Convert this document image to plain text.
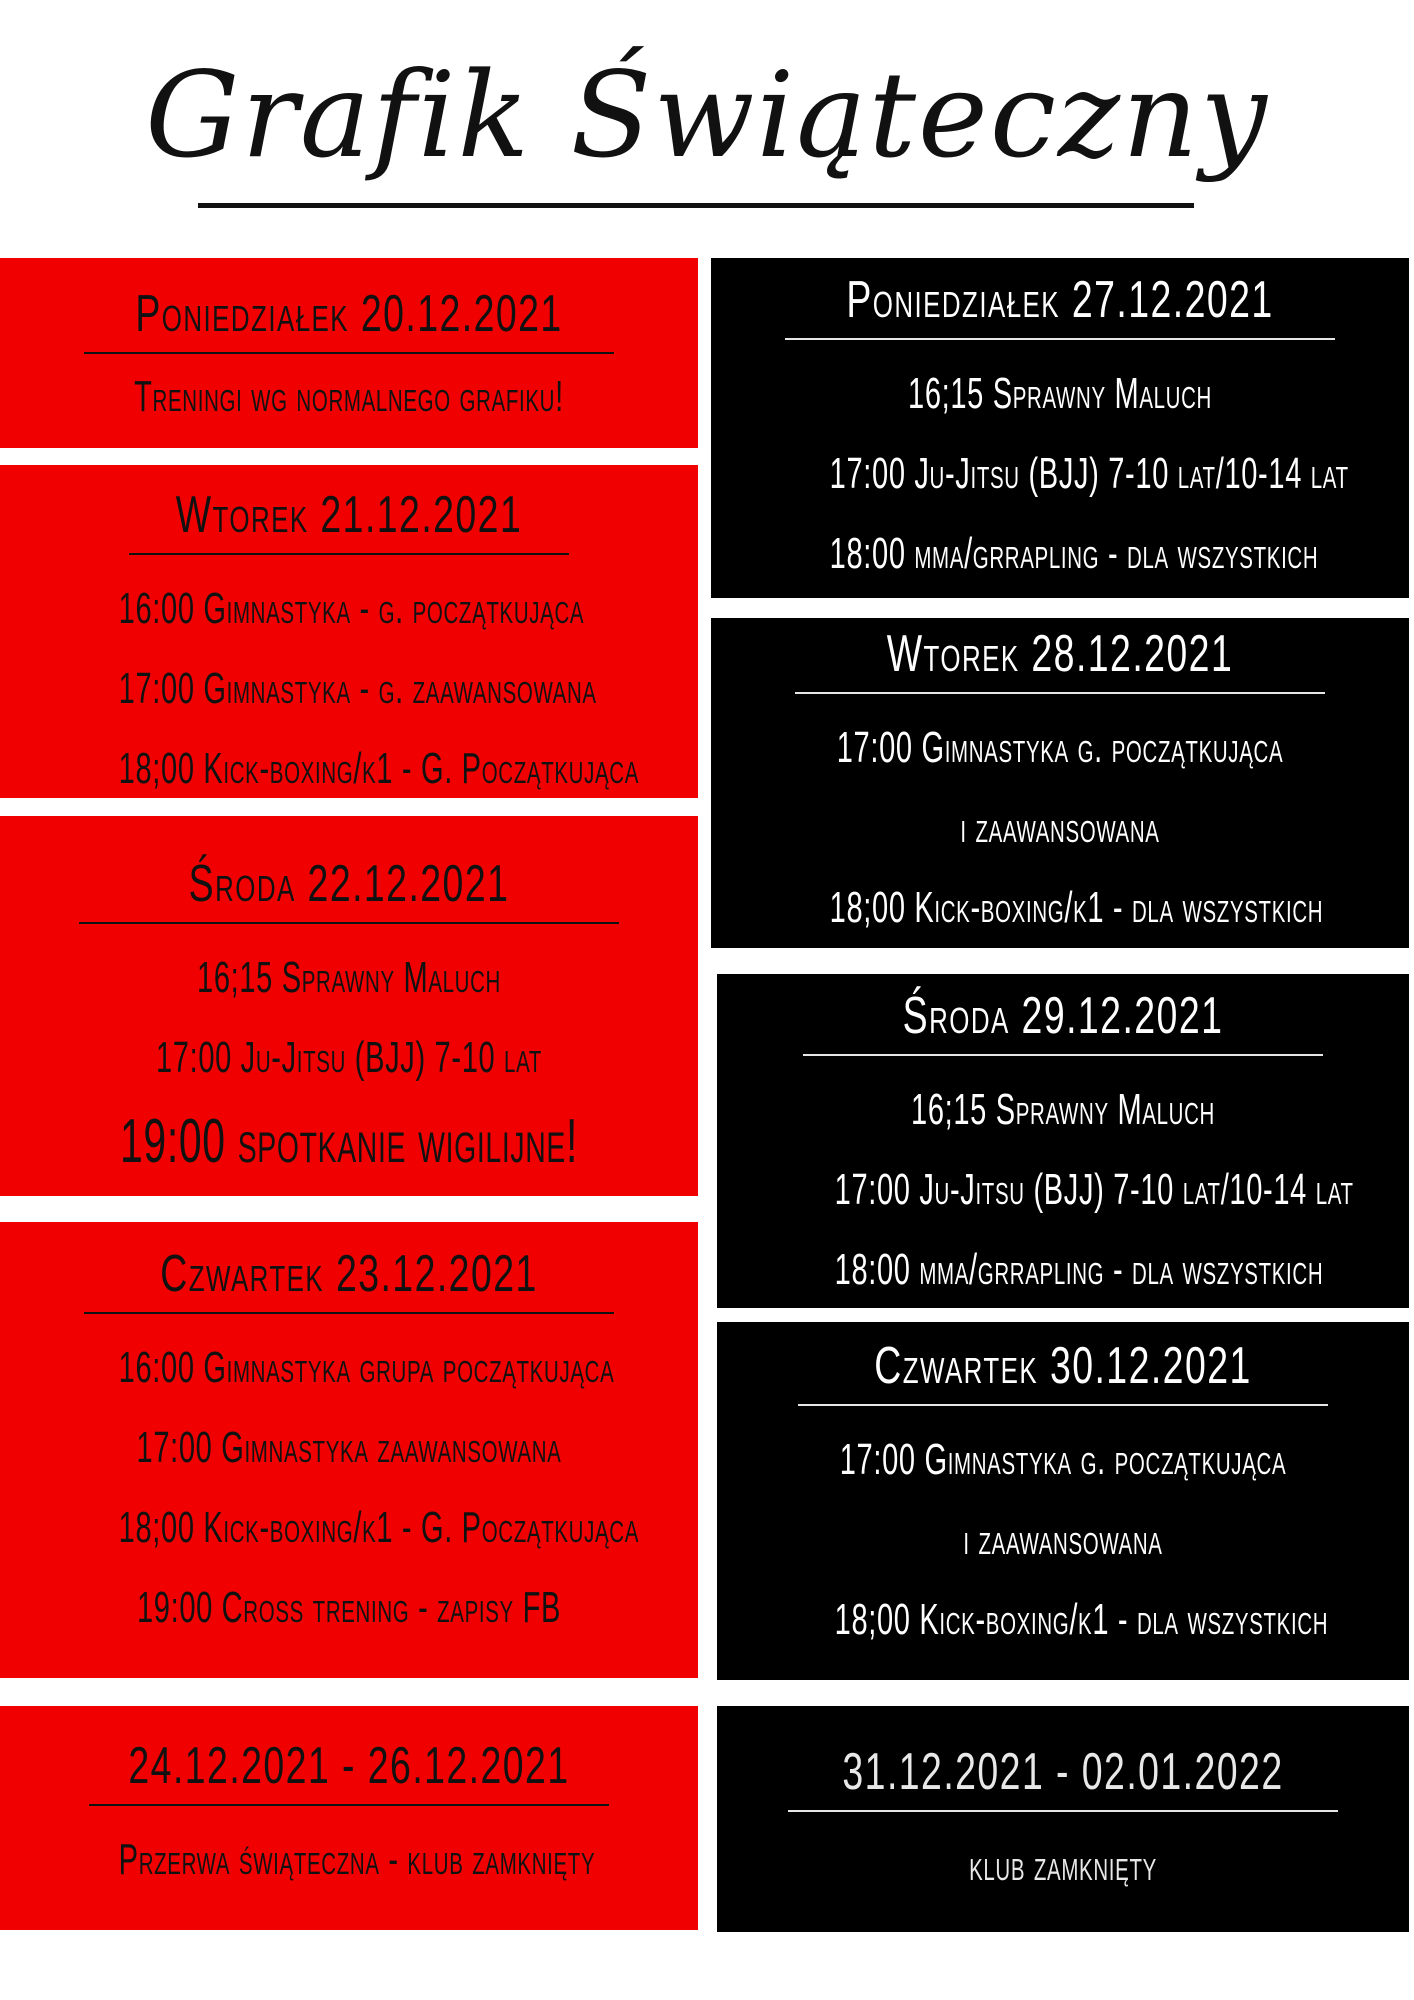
Grafik Świąteczny
Poniedziałek 20.12.2021
Treningi wg normalnego grafiku!
Wtorek 21.12.2021
16:00 Gimnastyka - g. początkująca
17:00 Gimnastyka - g. zaawansowana
18;00 Kick-boxing/k1 - G. Początkująca
Środa 22.12.2021
16;15 Sprawny Maluch
17:00 Ju-Jitsu (BJJ) 7-10 lat
19:00 spotkanie wigilijne!
Czwartek 23.12.2021
16:00 Gimnastyka grupa początkująca
17:00 Gimnastyka zaawansowana
18;00 Kick-boxing/k1 - G. Początkująca
19:00 Cross trening - zapisy FB
24.12.2021 - 26.12.2021
Przerwa świąteczna - klub zamknięty
Poniedziałek 27.12.2021
16;15 Sprawny Maluch
17:00 Ju-Jitsu (BJJ) 7-10 lat/10-14 lat
18:00 mma/grrapling - dla wszystkich
Wtorek 28.12.2021
17:00 Gimnastyka g. początkująca
i zaawansowana
18;00 Kick-boxing/k1 - dla wszystkich
Środa 29.12.2021
16;15 Sprawny Maluch
17:00 Ju-Jitsu (BJJ) 7-10 lat/10-14 lat
18:00 mma/grrapling - dla wszystkich
Czwartek 30.12.2021
17:00 Gimnastyka g. początkująca
i zaawansowana
18;00 Kick-boxing/k1 - dla wszystkich
31.12.2021 - 02.01.2022
klub zamknięty
